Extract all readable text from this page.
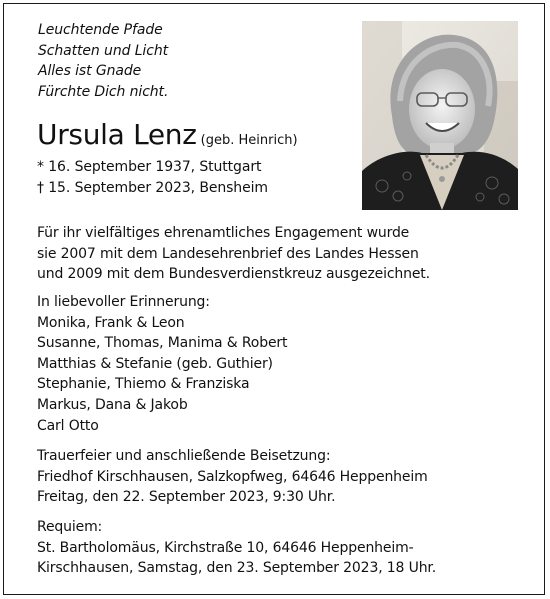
Leuchtende Pfade
Schatten und Licht
Alles ist Gnade
Fürchte Dich nicht.
Ursula Lenz (geb. Heinrich)
* 16. September 1937, Stuttgart
† 15. September 2023, Bensheim
Für ihr vielfältiges ehrenamtliches Engagement wurde
sie 2007 mit dem Landesehrenbrief des Landes Hessen
und 2009 mit dem Bundesverdienstkreuz ausgezeichnet.
In liebevoller Erinnerung:
Monika, Frank & Leon
Susanne, Thomas, Manima & Robert
Matthias & Stefanie (geb. Guthier)
Stephanie, Thiemo & Franziska
Markus, Dana & Jakob
Carl Otto
Trauerfeier und anschließende Beisetzung:
Friedhof Kirschhausen, Salzkopfweg, 64646 Heppenheim
Freitag, den 22. September 2023, 9:30 Uhr.
Requiem:
St. Bartholomäus, Kirchstraße 10, 64646 Heppenheim-
Kirschhausen, Samstag, den 23. September 2023, 18 Uhr.
